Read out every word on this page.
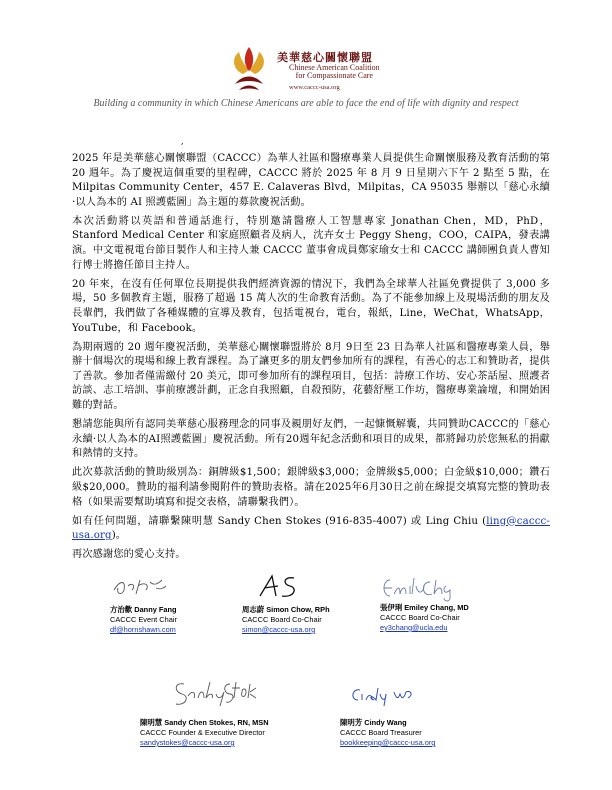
美華慈心關懷聯盟
Chinese American Coalition
for Compassionate Care
www.caccc-usa.org
Building a community in which Chinese Americans are able to face the end of life with dignity and respect
,

2025 年是美華慈心關懷聯盟（CACCC）為華人社區和醫療專業人員提供生命關懷服務及教育活動的第 20 週年。為了慶祝這個重要的里程碑，CACCC 將於 2025 年 8 月 9 日星期六下午 2 點至 5 點，在 Milpitas Community Center，457 E. Calaveras Blvd，Milpitas，CA 95035 舉辦以「慈心永續·以人為本的 AI 照護藍圖」為主題的募款慶祝活動。

本次活動將以英語和普通話進行，特別邀請醫療人工智慧專家 Jonathan Chen，MD，PhD，Stanford Medical Center 和家庭照顧者及病人，沈卉女士 Peggy Sheng，COO，CAIPA，發表講演。中文電視電台節目製作人和主持人兼 CACCC 董事會成員鄭家瑜女士和 CACCC 講師團負責人曹知行博士將擔任節目主持人。

20 年來，在沒有任何單位長期提供我們經濟資源的情況下，我們為全球華人社區免費提供了 3,000 多場，50 多個教育主題，服務了超過 15 萬人次的生命教育活動。為了不能參加線上及現場活動的朋友及長輩們，我們做了各種媒體的宣導及教育，包括電視台，電台，報紙，Line，WeChat，WhatsApp，YouTube，和 Facebook。

為期兩週的 20 週年慶祝活動，美華慈心關懷聯盟將於 8月 9日至 23 日為華人社區和醫療專業人員，舉辦十個場次的現場和線上教育課程。為了讓更多的朋友們參加所有的課程，有善心的志工和贊助者，提供了善款。參加者僅需繳付 20 美元，即可參加所有的課程項目，包括：詩療工作坊、安心茶話屋、照護者訪談、志工培訓、事前療護計劃，正念自我照顧，自殺預防，花藝舒壓工作坊，醫療專業論壇，和開始困難的對話。

懇請您能與所有認同美華慈心服務理念的同事及親朋好友們，一起慷慨解囊，共同贊助CACCC的「慈心永續·以人為本的AI照護藍圖」慶祝活動。所有20週年紀念活動和項目的成果，都將歸功於您無私的捐獻和熱情的支持。

此次募款活動的贊助級別為：銅牌級$1,500；銀牌級$3,000；金牌級$5,000；白金級$10,000；鑽石級$20,000。贊助的福利請參閱附件的贊助表格。請在2025年6月30日之前在線提交填寫完整的贊助表格（如果需要幫助填寫和提交表格，請聯繫我們）。

如有任何問題，請聯繫陳明慧 Sandy Chen Stokes (916-835-4007) 或 Ling Chiu (ling@caccc-usa.org)。

再次感謝您的愛心支持。

方治歡 Danny Fang
CACCC Event Chair
df@hornshawn.com
周志蔚 Simon Chow, RPh
CACCC Board Co-Chair
simon@caccc-usa.org
張伊琍 Emiley Chang, MD
CACCC Board Co-Chair
ey3chang@ucla.edu
陳明慧 Sandy Chen Stokes, RN, MSN
CACCC Founder & Executive Director
sandystokes@caccc-usa.org
陳明芳 Cindy Wang
CACCC Board Treasurer
bookkeeping@caccc-usa.org
